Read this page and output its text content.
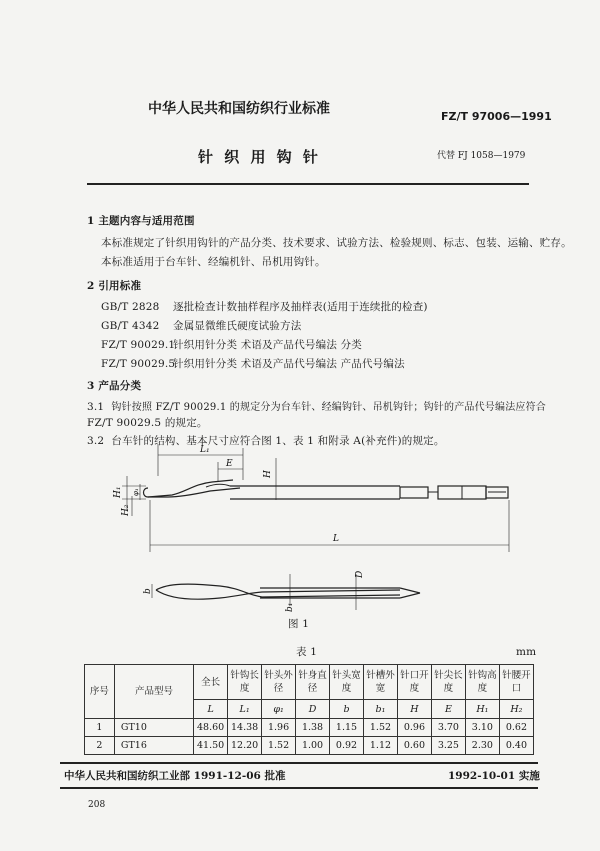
中华人民共和国纺织行业标准	FZ/T 97006—1991
针 织 用 钩 针	代替 FJ 1058—1979
1 主题内容与适用范围
本标准规定了针织用钩针的产品分类、技术要求、试验方法、检验规则、标志、包装、运输、贮存。
本标准适用于台车针、经编机针、吊机用钩针。
2 引用标准
GB/T 2828 逐批检查计数抽样程序及抽样表(适用于连续批的检查)
GB/T 4342 金属显微维氏硬度试验方法
FZ/T 90029.1针织用针分类 术语及产品代号编法 分类
FZ/T 90029.5针织用针分类 术语及产品代号编法 产品代号编法
3 产品分类
3.1 钩针按照 FZ/T 90029.1 的规定分为台车针、经编钩针、吊机钩针；钩针的产品代号编法应符合
FZ/T 90029.5 的规定。
3.2 台车针的结构、基本尺寸应符合图 1、表 1 和附录 A(补充件)的规定。
L₁
E
H
H₁ φ₁
H₂
L
D
b
b₁
图 1
表 1	mm
序号	产品型号	全长	针钩长度	针头外径	针身直径	针头宽度	针槽外宽	针口开度	针尖长度	针钩高度	针腰开口
		L	L₁	φ₁	D	b	b₁	H	E	H₁	H₂
1	GT10	48.60	14.38	1.96	1.38	1.15	1.52	0.96	3.70	3.10	0.62
2	GT16	41.50	12.20	1.52	1.00	0.92	1.12	0.60	3.25	2.30	0.40
中华人民共和国纺织工业部 1991-12-06 批准	1992-10-01 实施
208
